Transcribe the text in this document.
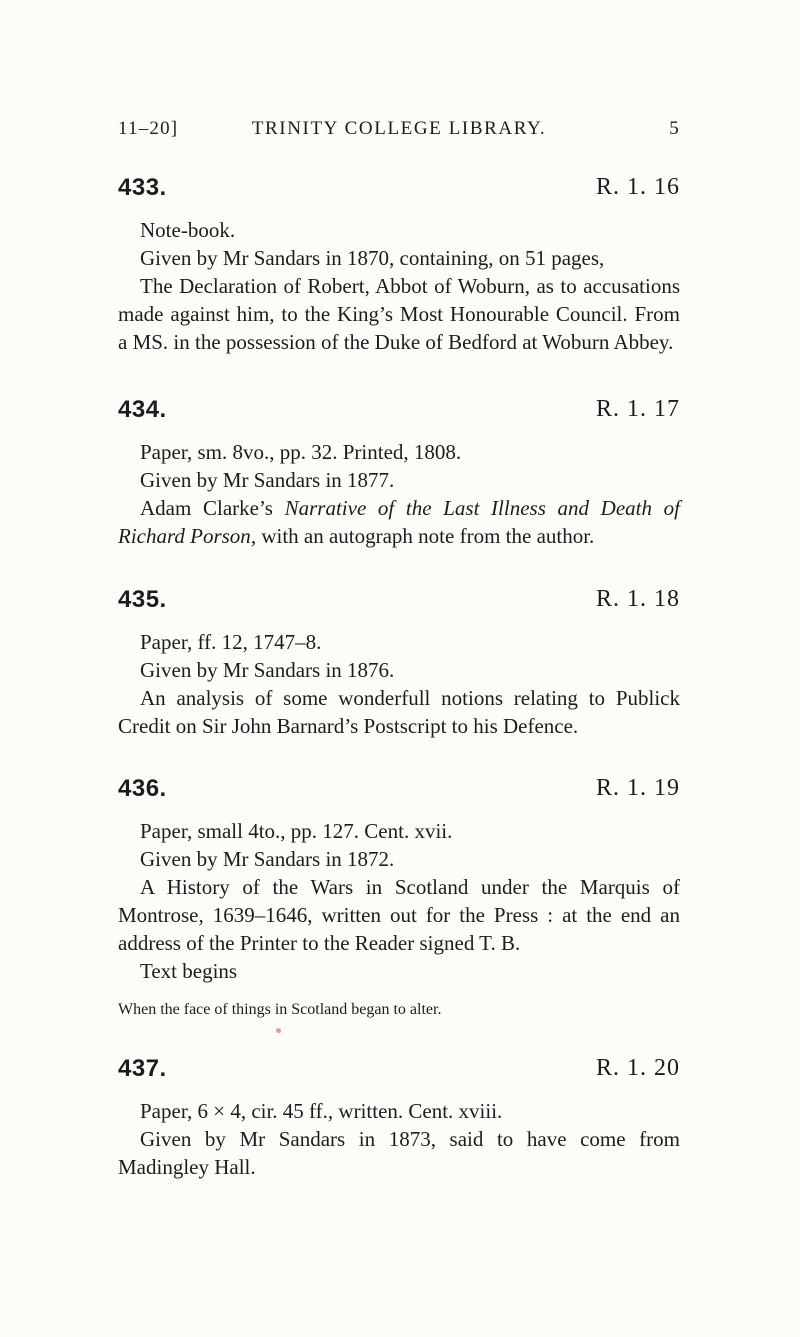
11–20]	TRINITY COLLEGE LIBRARY.	5
433.	R. 1. 16

Note-book.

Given by Mr Sandars in 1870, containing, on 51 pages,

The Declaration of Robert, Abbot of Woburn, as to accusations made against him, to the King’s Most Honourable Council. From a MS. in the possession of the Duke of Bedford at Woburn Abbey.

434.	R. 1. 17

Paper, sm. 8vo., pp. 32. Printed, 1808.

Given by Mr Sandars in 1877.

Adam Clarke’s Narrative of the Last Illness and Death of Richard Porson, with an autograph note from the author.

435.	R. 1. 18

Paper, ff. 12, 1747–8.

Given by Mr Sandars in 1876.

An analysis of some wonderfull notions relating to Publick Credit on Sir John Barnard’s Postscript to his Defence.

436.	R. 1. 19

Paper, small 4to., pp. 127. Cent. xvii.

Given by Mr Sandars in 1872.

A History of the Wars in Scotland under the Marquis of Montrose, 1639–1646, written out for the Press : at the end an address of the Printer to the Reader signed T. B.

Text begins

When the face of things in Scotland began to alter.

437.	R. 1. 20

Paper, 6 × 4, cir. 45 ff., written. Cent. xviii.

Given by Mr Sandars in 1873, said to have come from Madingley Hall.
